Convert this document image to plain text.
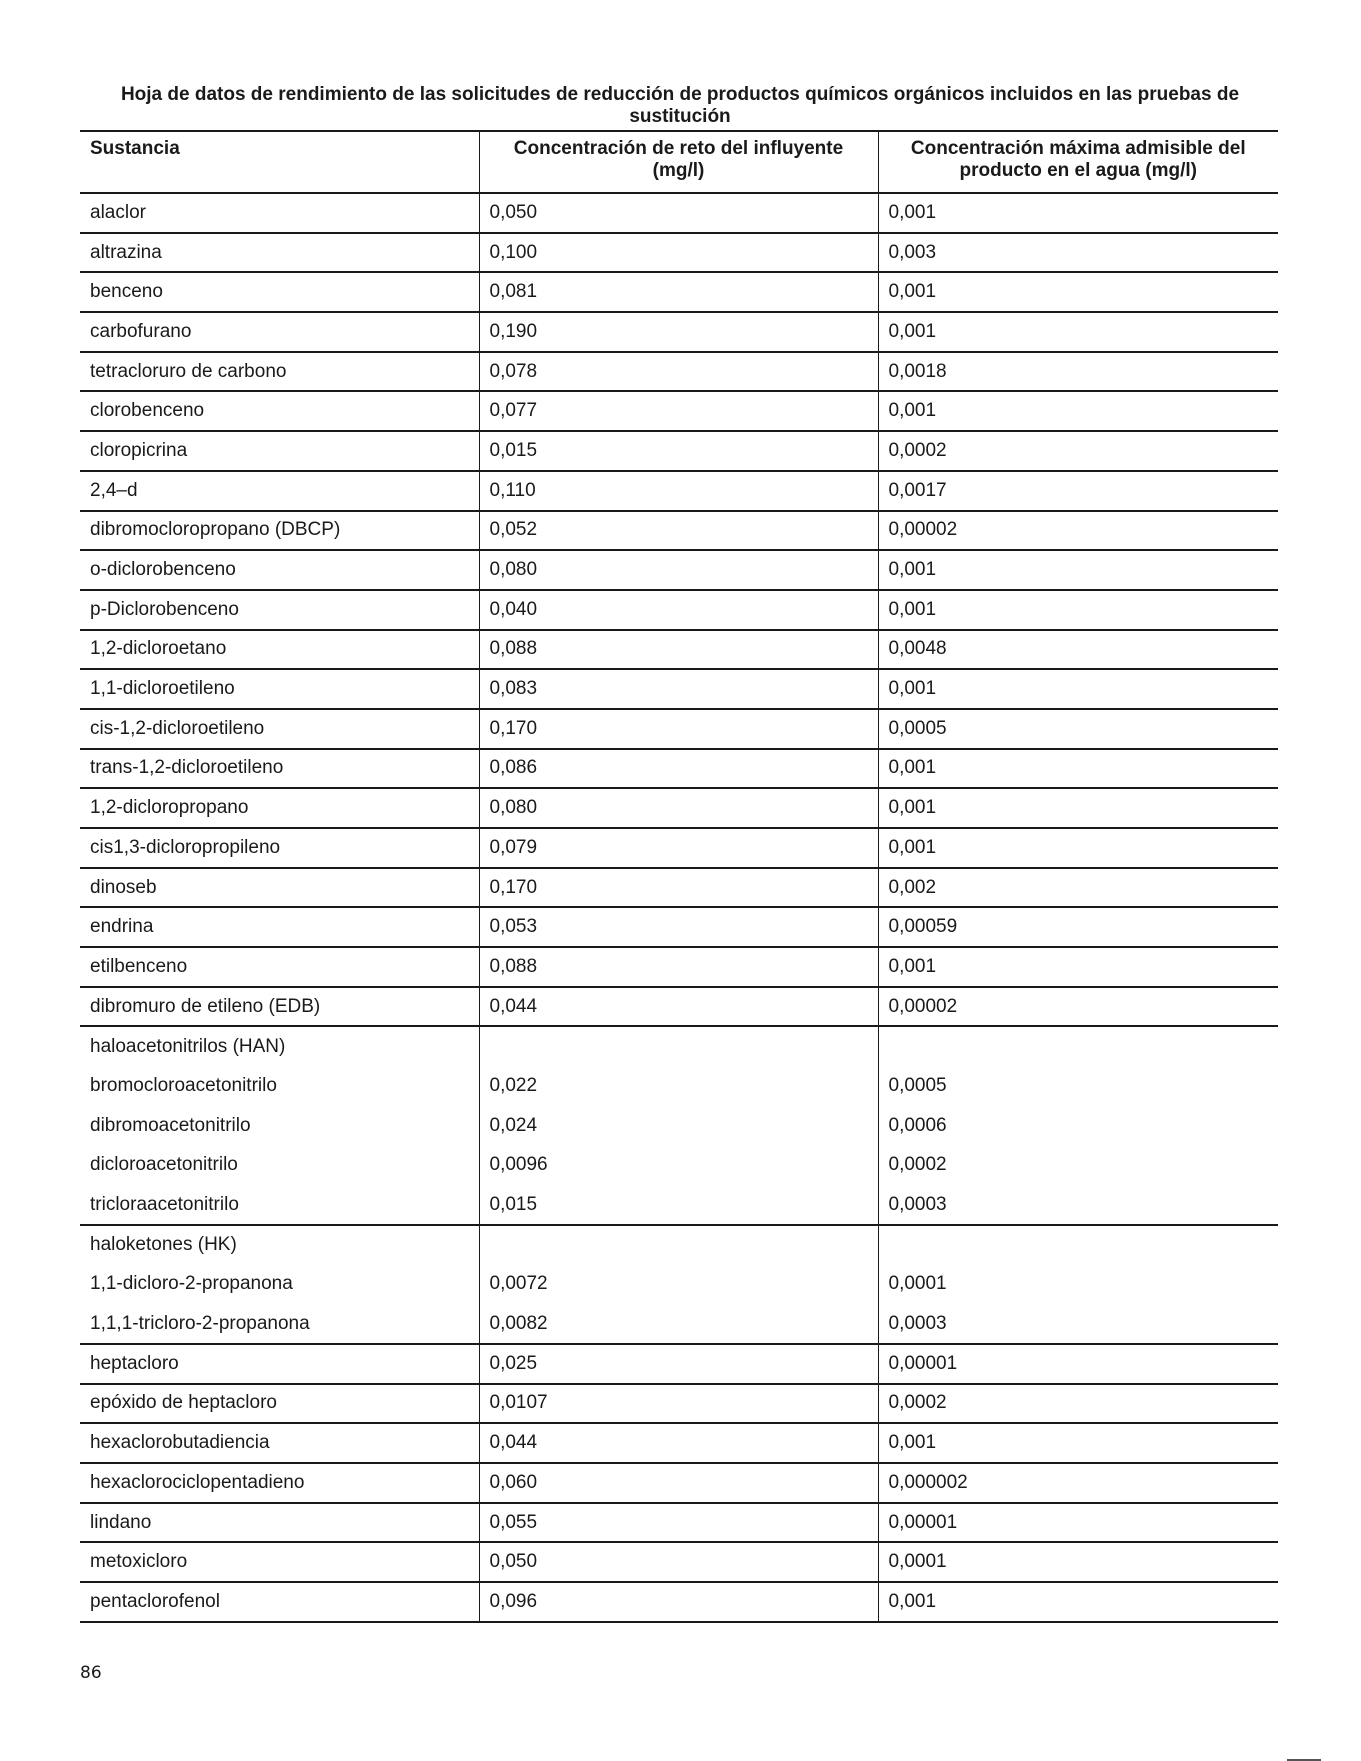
Hoja de datos de rendimiento de las solicitudes de reducción de productos químicos orgánicos incluidos en las pruebas de sustitución
Sustancia	Concentración de reto del influyente (mg/l)	Concentración máxima admisible del producto en el agua (mg/l)
alaclor	0,050	0,001
altrazina	0,100	0,003
benceno	0,081	0,001
carbofurano	0,190	0,001
tetracloruro de carbono	0,078	0,0018
clorobenceno	0,077	0,001
cloropicrina	0,015	0,0002
2,4–d	0,110	0,0017
dibromocloropropano (DBCP)	0,052	0,00002
o-diclorobenceno	0,080	0,001
p-Diclorobenceno	0,040	0,001
1,2-dicloroetano	0,088	0,0048
1,1-dicloroetileno	0,083	0,001
cis-1,2-dicloroetileno	0,170	0,0005
trans-1,2-dicloroetileno	0,086	0,001
1,2-dicloropropano	0,080	0,001
cis1,3-dicloropropileno	0,079	0,001
dinoseb	0,170	0,002
endrina	0,053	0,00059
etilbenceno	0,088	0,001
dibromuro de etileno (EDB)	0,044	0,00002
haloacetonitrilos (HAN)		
bromocloroacetonitrilo	0,022	0,0005
dibromoacetonitrilo	0,024	0,0006
dicloroacetonitrilo	0,0096	0,0002
tricloraacetonitrilo	0,015	0,0003
haloketones (HK)		
1,1-dicloro-2-propanona	0,0072	0,0001
1,1,1-tricloro-2-propanona	0,0082	0,0003
heptacloro	0,025	0,00001
epóxido de heptacloro	0,0107	0,0002
hexaclorobutadiencia	0,044	0,001
hexaclorociclopentadieno	0,060	0,000002
lindano	0,055	0,00001
metoxicloro	0,050	0,0001
pentaclorofenol	0,096	0,001
86
